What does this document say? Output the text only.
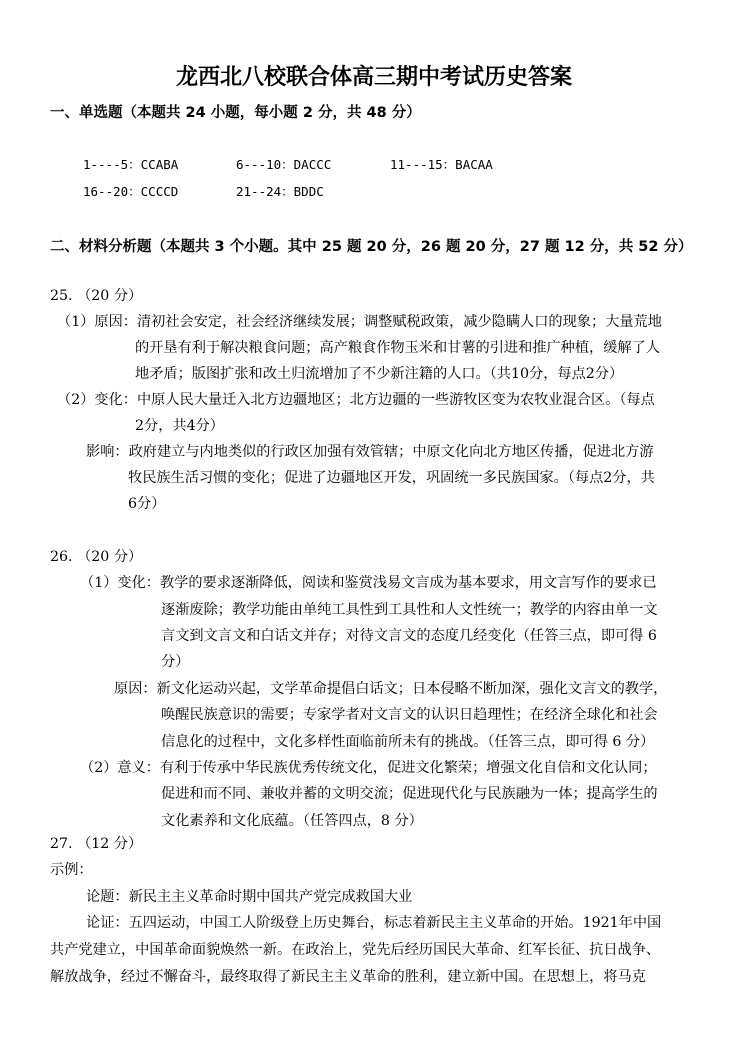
龙西北八校联合体高三期中考试历史答案
一、单选题（本题共 24 小题，每小题 2 分，共 48 分）
1----5：CCABA	6---10：DACCC	11---15：BACAA
16--20：CCCCD	21--24：BDDC
二、材料分析题（本题共 3 个小题。其中 25 题 20 分，26 题 20 分，27 题 12 分，共 52 分）
25. （20 分）
（1）原因：清初社会安定，社会经济继续发展；调整赋税政策，减少隐瞒人口的现象；大量荒地
的开垦有利于解决粮食问题；高产粮食作物玉米和甘薯的引进和推广种植，缓解了人
地矛盾；版图扩张和改土归流增加了不少新注籍的人口。（共10分，每点2分）
（2）变化：中原人民大量迁入北方边疆地区；北方边疆的一些游牧区变为农牧业混合区。（每点
2分，共4分）
影响：政府建立与内地类似的行政区加强有效管辖；中原文化向北方地区传播，促进北方游
牧民族生活习惯的变化；促进了边疆地区开发，巩固统一多民族国家。（每点2分，共
6分）
26. （20 分）
（1）变化：教学的要求逐渐降低，阅读和鉴赏浅易文言成为基本要求，用文言写作的要求已
逐渐废除；教学功能由单纯工具性到工具性和人文性统一；教学的内容由单一文
言文到文言文和白话文并存；对待文言文的态度几经变化（任答三点，即可得 6
分）
原因：新文化运动兴起，文学革命提倡白话文；日本侵略不断加深，强化文言文的教学，
唤醒民族意识的需要；专家学者对文言文的认识日趋理性；在经济全球化和社会
信息化的过程中，文化多样性面临前所未有的挑战。（任答三点，即可得 6 分）
（2）意义：有利于传承中华民族优秀传统文化，促进文化繁荣；增强文化自信和文化认同；
促进和而不同、兼收并蓄的文明交流；促进现代化与民族融为一体；提高学生的
文化素养和文化底蕴。（任答四点，8 分）
27. （12 分）
示例：
论题：新民主主义革命时期中国共产党完成救国大业
论证：五四运动，中国工人阶级登上历史舞台，标志着新民主主义革命的开始。1921年中国
共产党建立，中国革命面貌焕然一新。在政治上，党先后经历国民大革命、红军长征、抗日战争、
解放战争，经过不懈奋斗，最终取得了新民主主义革命的胜利，建立新中国。在思想上，将马克
